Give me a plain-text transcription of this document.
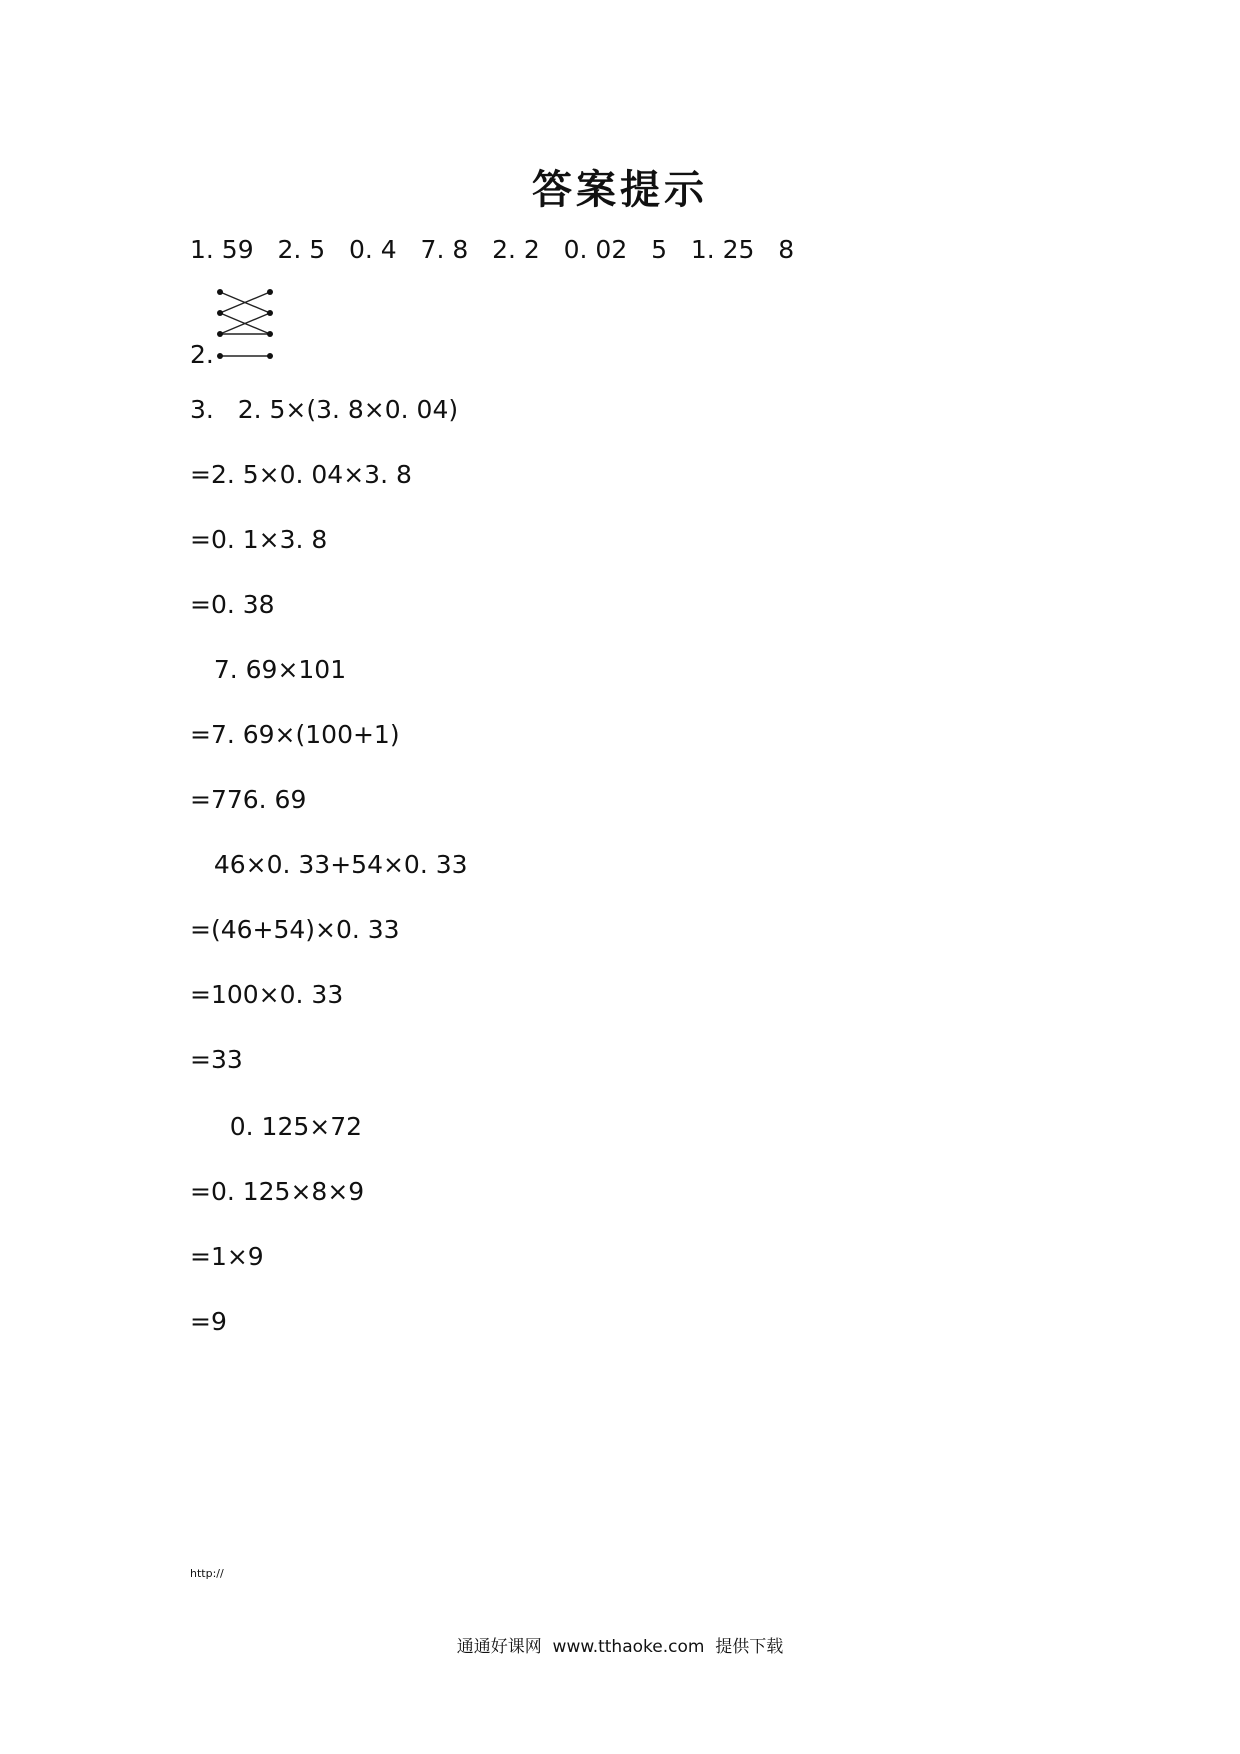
答案提示
1. 59   2. 5   0. 4   7. 8   2. 2   0. 02   5   1. 25   8
2.
3.   2. 5×(3. 8×0. 04)
=2. 5×0. 04×3. 8
=0. 1×3. 8
=0. 38
7. 69×101
=7. 69×(100+1)
=776. 69
46×0. 33+54×0. 33
=(46+54)×0. 33
=100×0. 33
=33
0. 125×72
=0. 125×8×9
=1×9
=9
http://
通通好课网  www.tthaoke.com  提供下载
